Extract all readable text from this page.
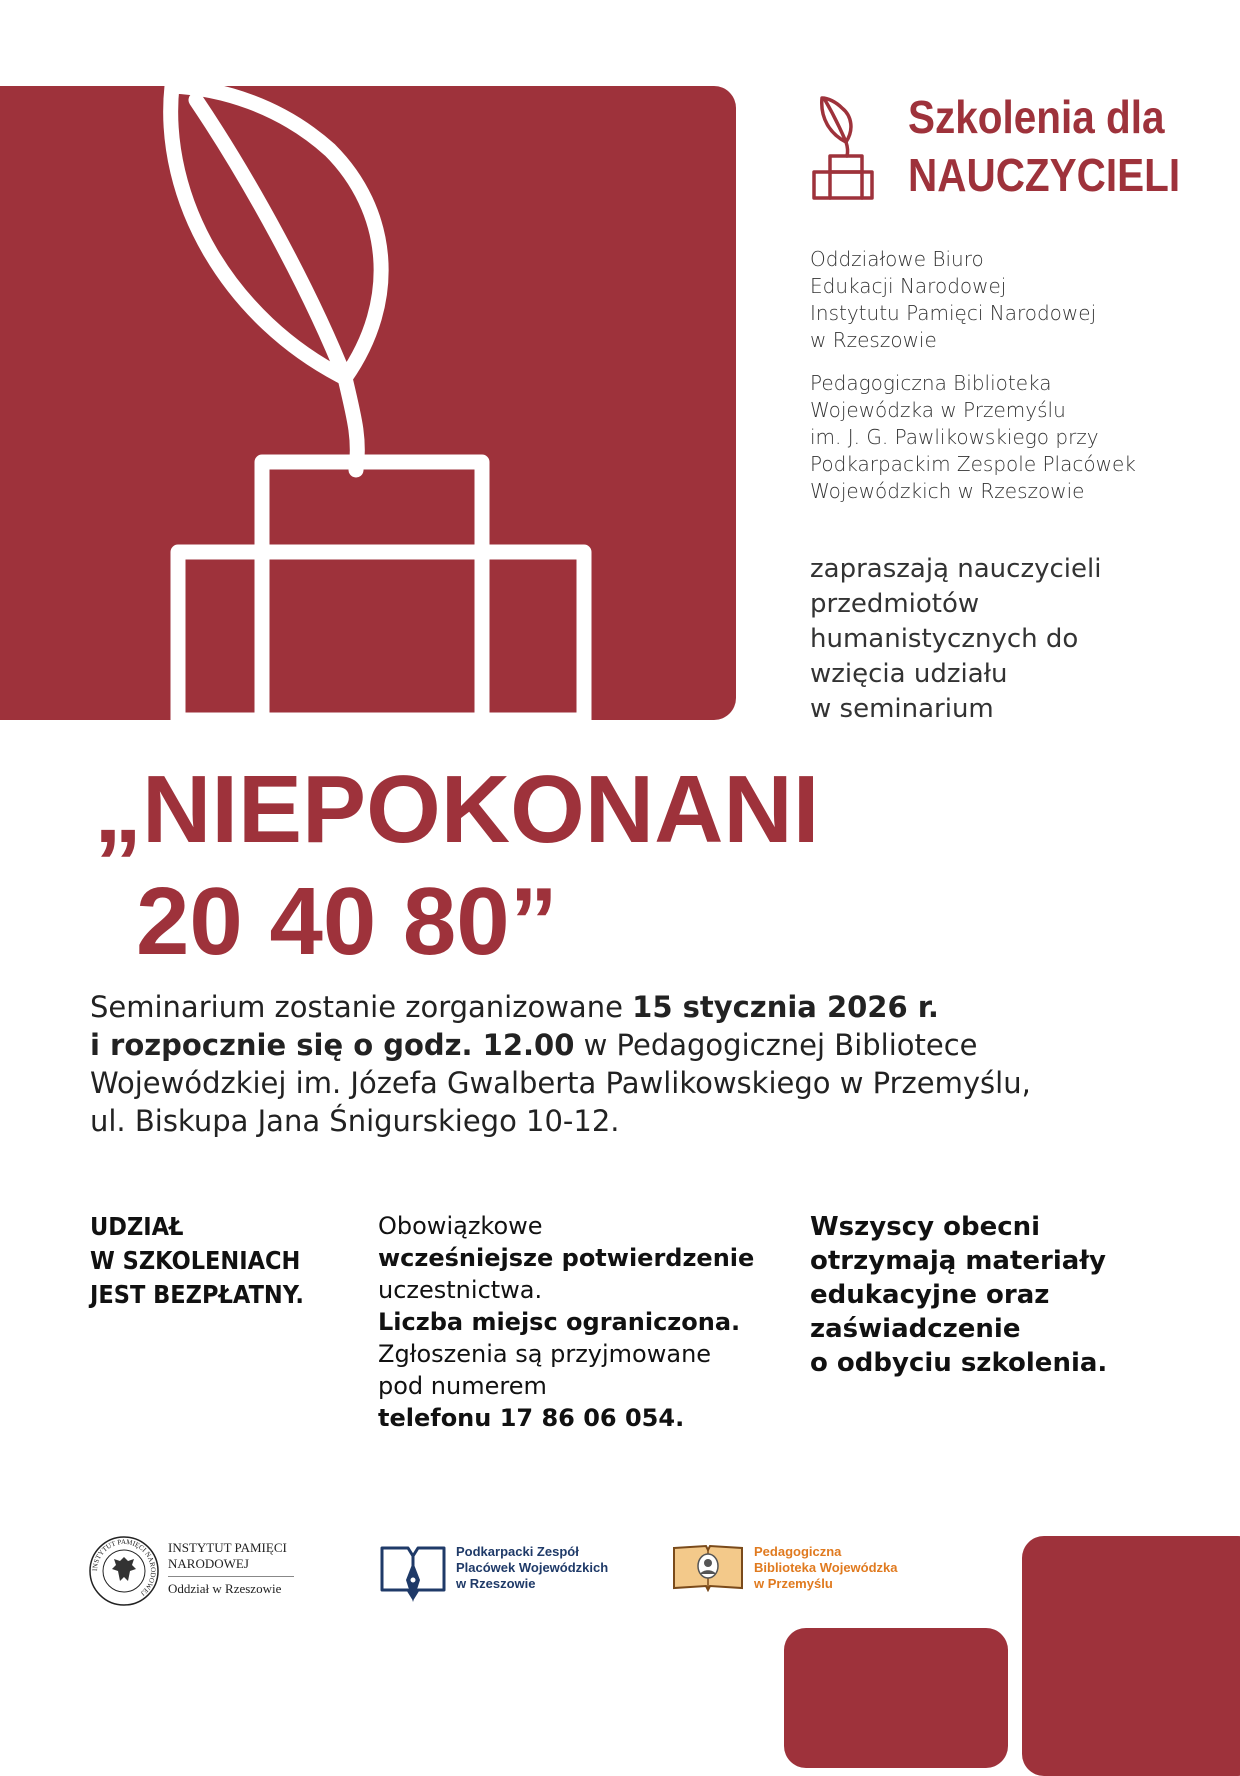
Szkolenia dla
NAUCZYCIELI
Oddziałowe Biuro
Edukacji Narodowej
Instytutu Pamięci Narodowej
w Rzeszowie
Pedagogiczna Biblioteka
Wojewódzka w Przemyślu
im. J. G. Pawlikowskiego przy
Podkarpackim Zespole Placówek
Wojewódzkich w Rzeszowie
zapraszają nauczycieli
przedmiotów
humanistycznych do
wzięcia udziału
w seminarium
„NIEPOKONANI
20 40 80”
Seminarium zostanie zorganizowane 15 stycznia 2026 r.
i rozpocznie się o godz. 12.00 w Pedagogicznej Bibliotece
Wojewódzkiej im. Józefa Gwalberta Pawlikowskiego w Przemyślu,
ul. Biskupa Jana Śnigurskiego 10-12.
UDZIAŁ
W SZKOLENIACH
JEST BEZPŁATNY.
Obowiązkowe
wcześniejsze potwierdzenie
uczestnictwa.
Liczba miejsc ograniczona.
Zgłoszenia są przyjmowane
pod numerem
telefonu 17 86 06 054.
Wszyscy obecni
otrzymają materiały
edukacyjne oraz
zaświadczenie
o odbyciu szkolenia.
INSTYTUT PAMIĘCI NARODOWEJ
INSTYTUT PAMIĘCI
NARODOWEJ
Oddział w Rzeszowie
Podkarpacki Zespół
Placówek Wojewódzkich
w Rzeszowie
Pedagogiczna
Biblioteka Wojewódzka
w Przemyślu
